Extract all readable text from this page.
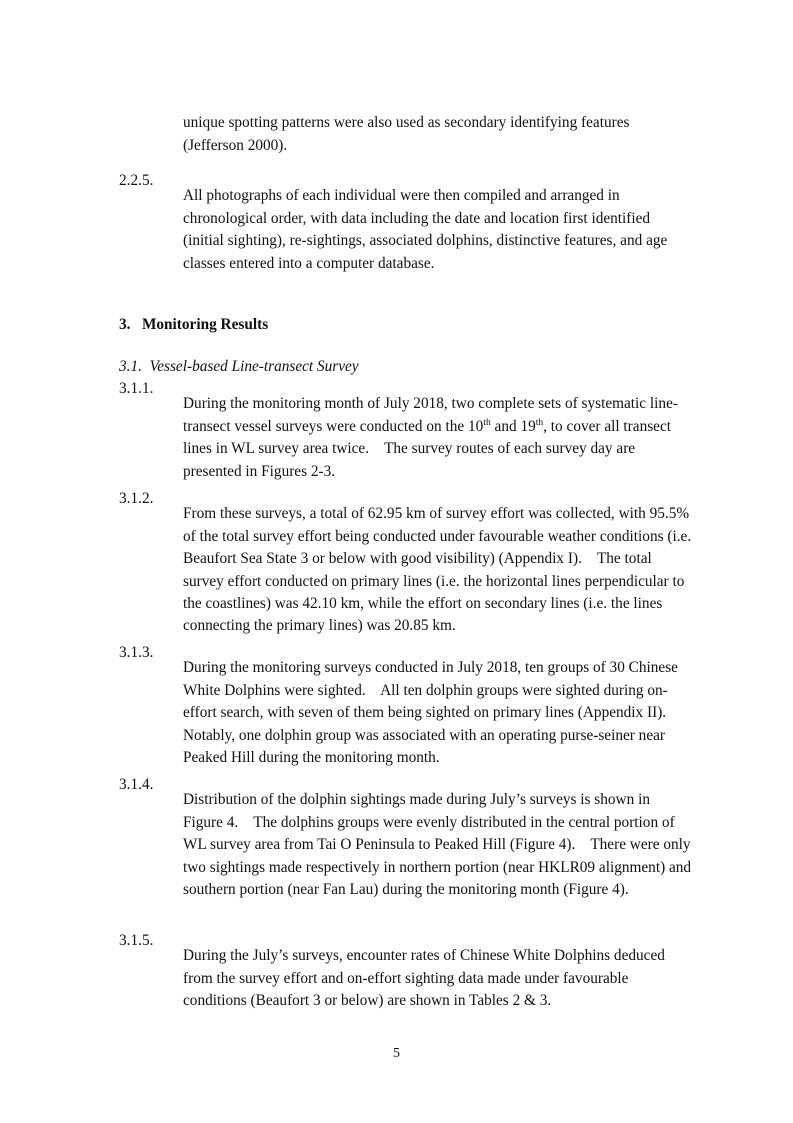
unique spotting patterns were also used as secondary identifying features (Jefferson 2000).

2.2.5.

All photographs of each individual were then compiled and arranged in chronological order, with data including the date and location first identified (initial sighting), re-sightings, associated dolphins, distinctive features, and age classes entered into a computer database.

3.   Monitoring Results

3.1.  Vessel-based Line-transect Survey

3.1.1.

During the monitoring month of July 2018, two complete sets of systematic line-transect vessel surveys were conducted on the 10th and 19th, to cover all transect lines in WL survey area twice.    The survey routes of each survey day are presented in Figures 2-3.

3.1.2.

From these surveys, a total of 62.95 km of survey effort was collected, with 95.5% of the total survey effort being conducted under favourable weather conditions (i.e. Beaufort Sea State 3 or below with good visibility) (Appendix I).    The total survey effort conducted on primary lines (i.e. the horizontal lines perpendicular to the coastlines) was 42.10 km, while the effort on secondary lines (i.e. the lines connecting the primary lines) was 20.85 km.

3.1.3.

During the monitoring surveys conducted in July 2018, ten groups of 30 Chinese White Dolphins were sighted.    All ten dolphin groups were sighted during on-effort search, with seven of them being sighted on primary lines (Appendix II).    Notably, one dolphin group was associated with an operating purse-seiner near Peaked Hill during the monitoring month.

3.1.4.

Distribution of the dolphin sightings made during July’s surveys is shown in Figure 4.    The dolphins groups were evenly distributed in the central portion of WL survey area from Tai O Peninsula to Peaked Hill (Figure 4).    There were only two sightings made respectively in northern portion (near HKLR09 alignment) and southern portion (near Fan Lau) during the monitoring month (Figure 4).

3.1.5.

During the July’s surveys, encounter rates of Chinese White Dolphins deduced from the survey effort and on-effort sighting data made under favourable conditions (Beaufort 3 or below) are shown in Tables 2 & 3.

5
